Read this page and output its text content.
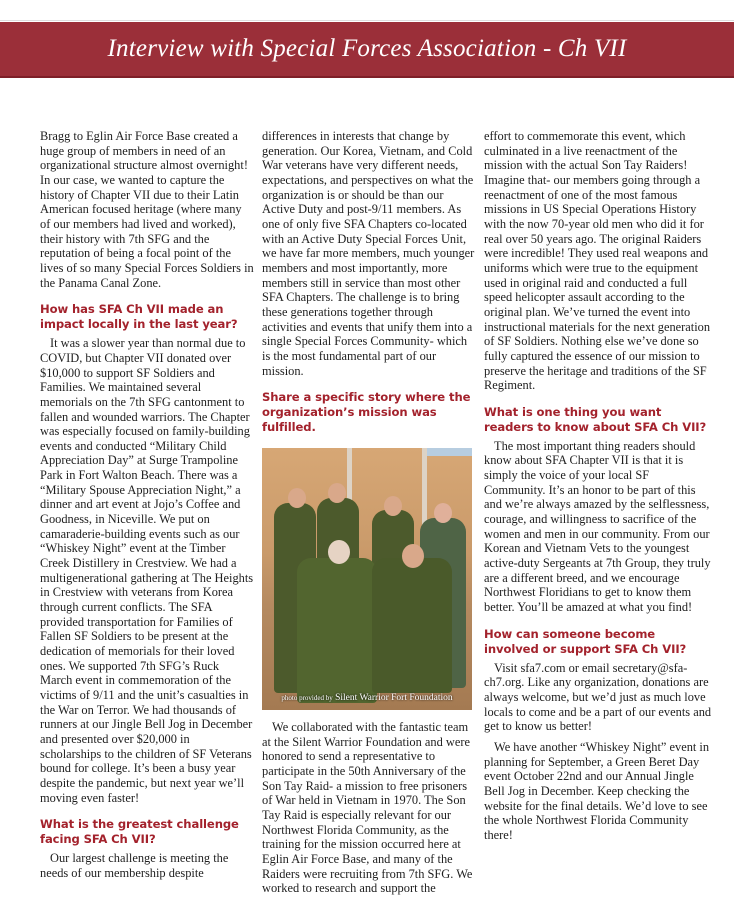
Interview with Special Forces Association - Ch VII

Bragg to Eglin Air Force Base created a huge group of members in need of an organizational structure almost overnight! In our case, we wanted to capture the history of Chapter VII due to their Latin American focused heritage (where many of our members had lived and worked), their history with 7th SFG and the reputation of being a focal point of the lives of so many Special Forces Soldiers in the Panama Canal Zone.

How has SFA Ch VII made an impact locally in the last year?

It was a slower year than normal due to COVID, but Chapter VII donated over $10,000 to support SF Soldiers and Families. We maintained several memorials on the 7th SFG cantonment to fallen and wounded warriors. The Chapter was especially focused on family-building events and conducted “Military Child Appreciation Day” at Surge Trampoline Park in Fort Walton Beach. There was a “Military Spouse Appreciation Night,” a dinner and art event at Jojo’s Coffee and Goodness, in Niceville. We put on camaraderie-building events such as our “Whiskey Night” event at the Timber Creek Distillery in Crestview. We had a multigenerational gathering at The Heights in Crestview with veterans from Korea through current conflicts. The SFA provided transportation for Families of Fallen SF Soldiers to be present at the dedication of memorials for their loved ones. We supported 7th SFG’s Ruck March event in commemoration of the victims of 9/11 and the unit’s casualties in the War on Terror. We had thousands of runners at our Jingle Bell Jog in December and presented over $20,000 in scholarships to the children of SF Veterans bound for college. It’s been a busy year despite the pandemic, but next year we’ll moving even faster!

What is the greatest challenge facing SFA Ch VII?

Our largest challenge is meeting the needs of our membership despite

differences in interests that change by generation. Our Korea, Vietnam, and Cold War veterans have very different needs, expectations, and perspectives on what the organization is or should be than our Active Duty and post-9/11 members. As one of only five SFA Chapters co-located with an Active Duty Special Forces Unit, we have far more members, much younger members and most importantly, more members still in service than most other SFA Chapters. The challenge is to bring these generations together through activities and events that unify them into a single Special Forces Community- which is the most fundamental part of our mission.

Share a specific story where the organization’s mission was fulfilled.
photo provided by Silent Warrior Fort Foundation

We collaborated with the fantastic team at the Silent Warrior Foundation and were honored to send a representative to participate in the 50th Anniversary of the Son Tay Raid- a mission to free prisoners of War held in Vietnam in 1970. The Son Tay Raid is especially relevant for our Northwest Florida Community, as the training for the mission occurred here at Eglin Air Force Base, and many of the Raiders were recruiting from 7th SFG. We worked to research and support the

effort to commemorate this event, which culminated in a live reenactment of the mission with the actual Son Tay Raiders! Imagine that- our members going through a reenactment of one of the most famous missions in US Special Operations History with the now 70-year old men who did it for real over 50 years ago. The original Raiders were incredible! They used real weapons and uniforms which were true to the equipment used in original raid and conducted a full speed helicopter assault according to the original plan. We’ve turned the event into instructional materials for the next generation of SF Soldiers. Nothing else we’ve done so fully captured the essence of our mission to preserve the heritage and traditions of the SF Regiment.

What is one thing you want readers to know about SFA Ch VII?

The most important thing readers should know about SFA Chapter VII is that it is simply the voice of your local SF Community. It’s an honor to be part of this and we’re always amazed by the selflessness, courage, and willingness to sacrifice of the women and men in our community. From our Korean and Vietnam Vets to the youngest active-duty Sergeants at 7th Group, they truly are a different breed, and we encourage Northwest Floridians to get to know them better. You’ll be amazed at what you find!

How can someone become involved or support SFA Ch VII?

Visit sfa7.com or email secretary@sfa-ch7.org. Like any organization, donations are always welcome, but we’d just as much love locals to come and be a part of our events and get to know us better!

We have another “Whiskey Night” event in planning for September, a Green Beret Day event October 22nd and our Annual Jingle Bell Jog in December. Keep checking the website for the final details. We’d love to see the whole Northwest Florida Community there!
